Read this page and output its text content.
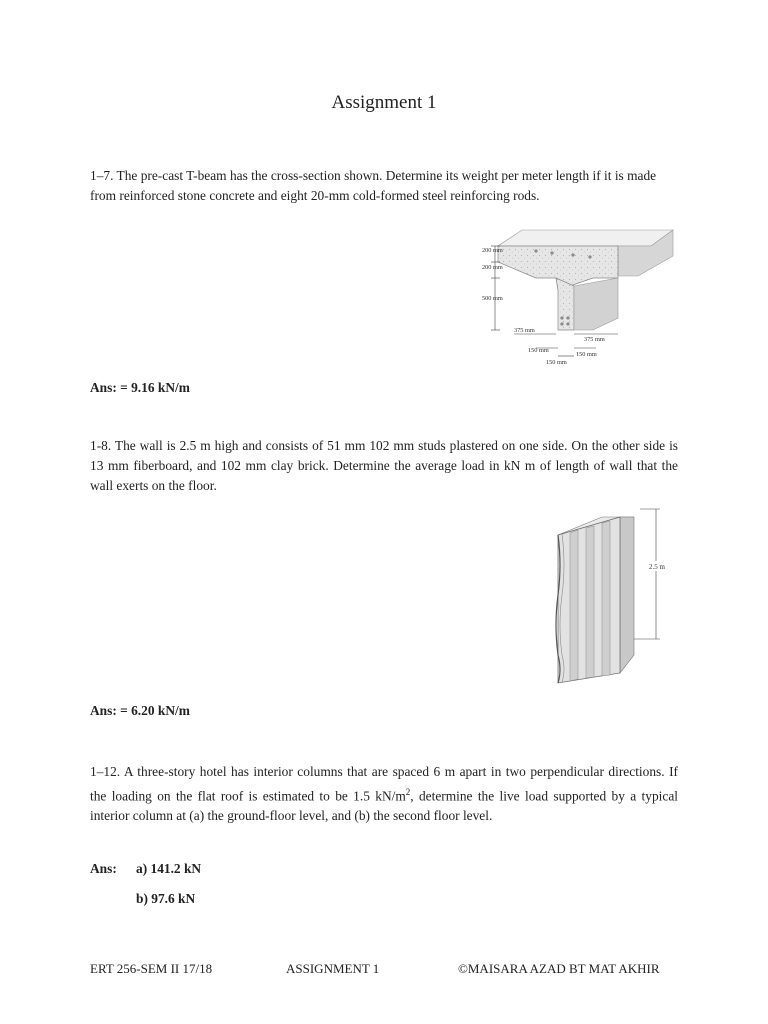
Assignment 1

1–7. The pre-cast T-beam has the cross-section shown. Determine its weight per meter length if it is made from reinforced stone concrete and eight 20-mm cold-formed steel reinforcing rods.

200 mm
200 mm
500 mm
375 mm
375 mm
150 mm
150 mm
150 mm
Ans: = 9.16 kN/m

1-8. The wall is 2.5 m high and consists of 51 mm 102 mm studs plastered on one side. On the other side is 13 mm fiberboard, and 102 mm clay brick. Determine the average load in kN m of length of wall that the wall exerts on the floor.

2.5 m
Ans: = 6.20 kN/m

1–12. A three-story hotel has interior columns that are spaced 6 m apart in two perpendicular directions. If the loading on the flat roof is estimated to be 1.5 $kN/m^2$, determine the live load supported by a typical interior column at (a) the ground-floor level, and (b) the second floor level.

Ans: a) 141.2 kN
b) 97.6 kN
ERT 256-SEM II 17/18	ASSIGNMENT 1	©MAISARA AZAD BT MAT AKHIR
